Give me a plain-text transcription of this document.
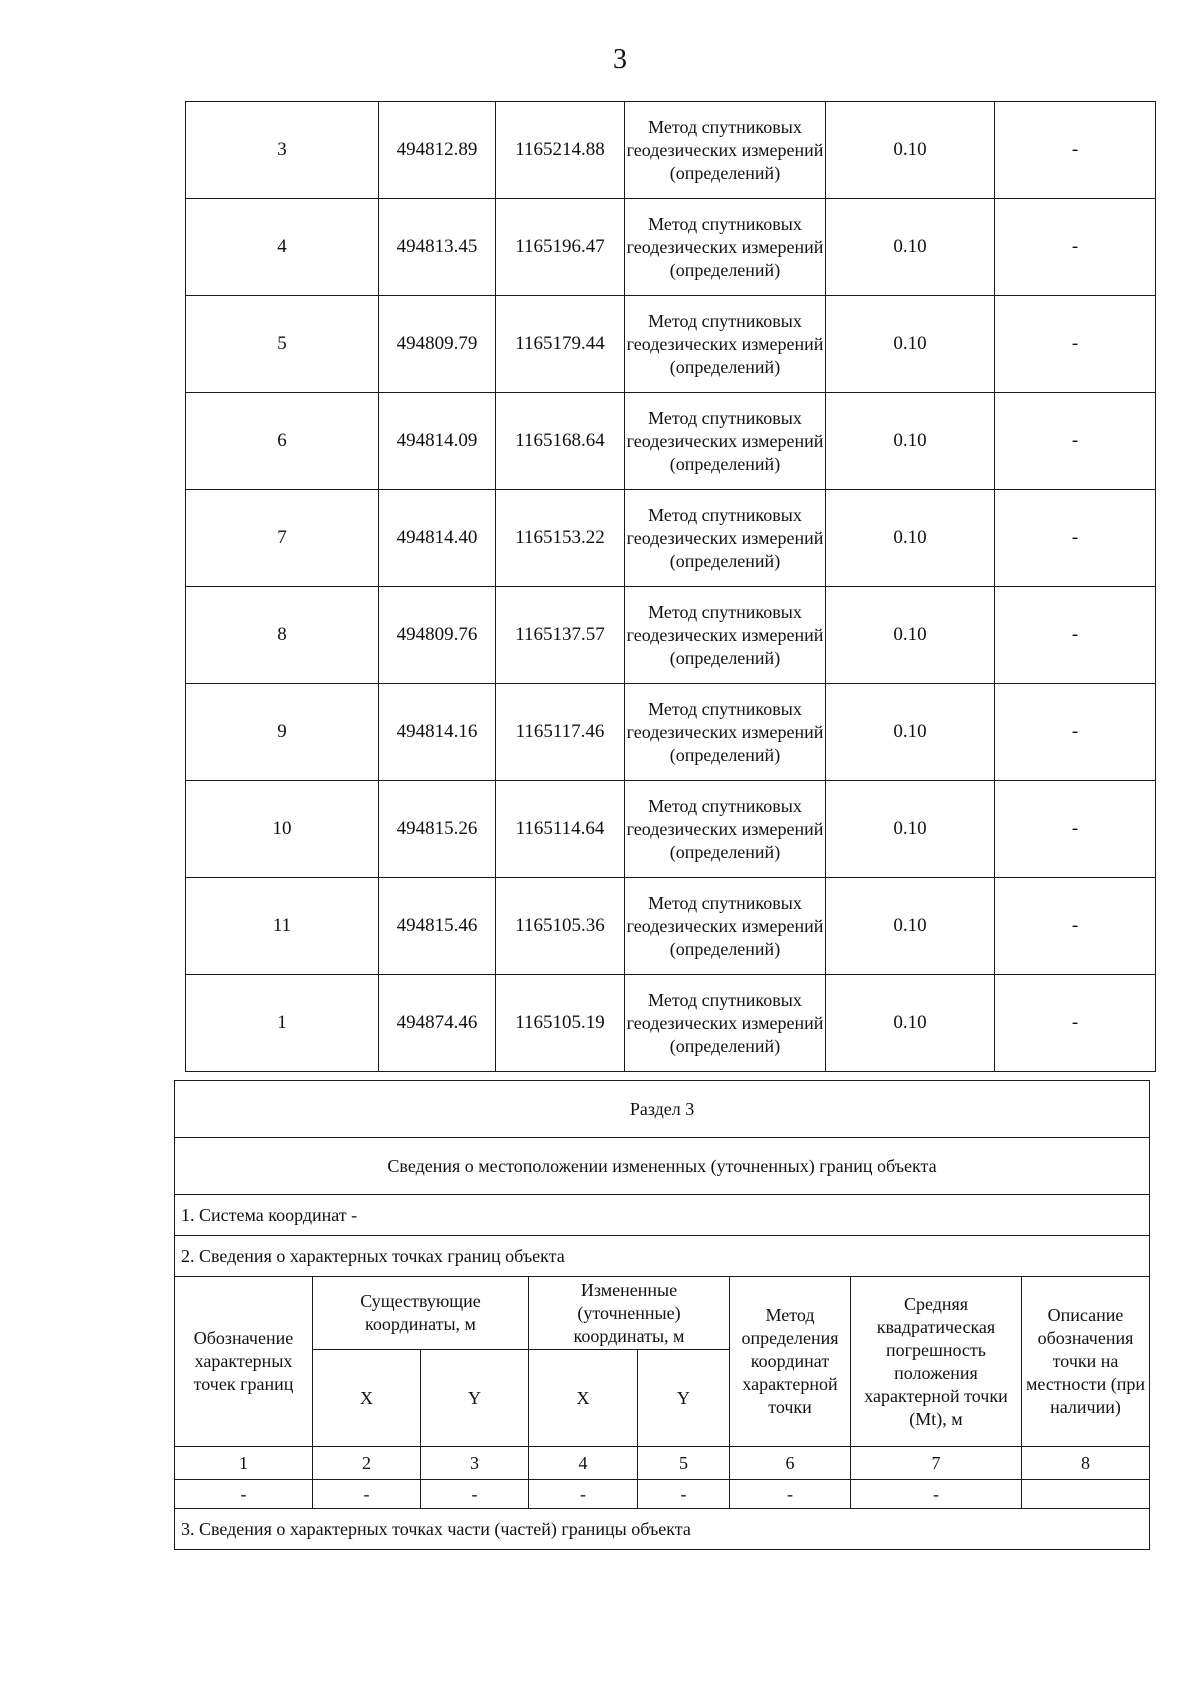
3
3	494812.89	1165214.88	Метод спутниковых геодезических измерений (определений)	0.10	-
4	494813.45	1165196.47	Метод спутниковых геодезических измерений (определений)	0.10	-
5	494809.79	1165179.44	Метод спутниковых геодезических измерений (определений)	0.10	-
6	494814.09	1165168.64	Метод спутниковых геодезических измерений (определений)	0.10	-
7	494814.40	1165153.22	Метод спутниковых геодезических измерений (определений)	0.10	-
8	494809.76	1165137.57	Метод спутниковых геодезических измерений (определений)	0.10	-
9	494814.16	1165117.46	Метод спутниковых геодезических измерений (определений)	0.10	-
10	494815.26	1165114.64	Метод спутниковых геодезических измерений (определений)	0.10	-
11	494815.46	1165105.36	Метод спутниковых геодезических измерений (определений)	0.10	-
1	494874.46	1165105.19	Метод спутниковых геодезических измерений (определений)	0.10	-
Раздел 3							
Сведения о местоположении измененных (уточненных) границ объекта							
1. Система координат -							
2. Сведения о характерных точках границ объекта							
Обозначение характерных точек границ	Существующие координаты, м		Измененные (уточненные) координаты, м		Метод определения координат характерной точки	Средняя квадратическая погрешность положения характерной точки (Mt), м	Описание обозначения точки на местности (при наличии)
	X	Y	X	Y			
1	2	3	4	5	6	7	8
-	-	-	-	-	-	-	
3. Сведения о характерных точках части (частей) границы объекта							
